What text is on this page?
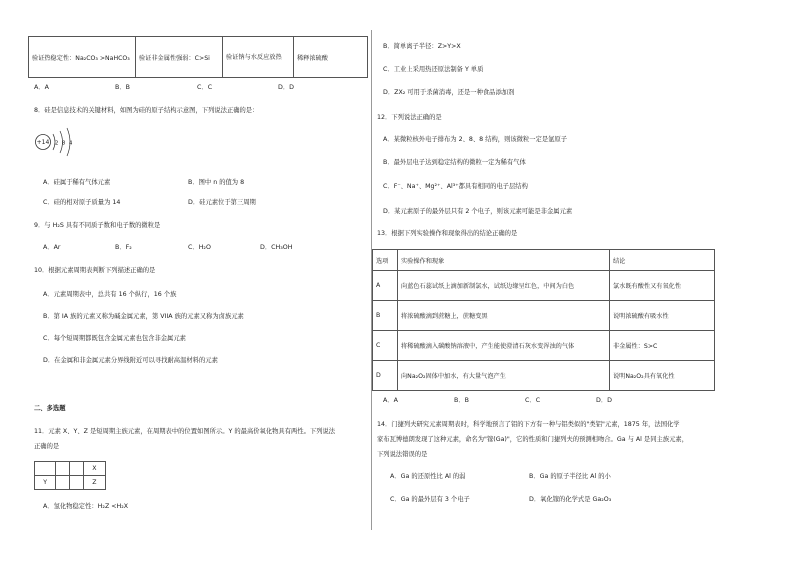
验证热稳定性：Na₂CO₃ >NaHCO₃	验证非金属性强弱：C>Si	验证钠与水反应放热	稀释浓硫酸
A．A	B．B	C．C	D．D
8．硅是信息技术的关键材料，如图为硅的原子结构示意图，下列说法正确的是：
+14 2 8 4
A．硅属于稀有气体元素	B．图中 n 的值为 8
C．硅的相对原子质量为 14	D．硅元素位于第三周期
9．与 H₂S 具有不同质子数和电子数的微粒是
A．Ar	B．F₂	C．H₂O	D．CH₃OH
10．根据元素周期表判断下列描述正确的是
A．元素周期表中，总共有 16 个纵行，16 个族
B．第 IA 族的元素又称为碱金属元素，第 VIIA 族的元素又称为卤族元素
C．每个短周期都既包含金属元素也包含非金属元素
D．在金属和非金属元素分界线附近可以寻找耐高温材料的元素
二、多选题
11．元素 X、Y、Z 是短周期主族元素，在周期表中的位置如图所示。Y 的最高价氧化物具有两性。下列说法
正确的是
			X
Y			Z
A．氢化物稳定性：H₂Z <H₂X
B．简单离子半径：Z>Y>X
C．工业上采用热还原法制备 Y 单质
D．ZX₂ 可用于杀菌消毒，还是一种食品添加剂
12．下列说法正确的是
A．某微粒核外电子排布为 2、8、8 结构，则该微粒一定是氩原子
B．最外层电子达到稳定结构的微粒一定为稀有气体
C．F⁻、Na⁺、Mg²⁺、Al³⁺都具有相同的电子层结构
D．某元素原子的最外层只有 2 个电子，则该元素可能是非金属元素
13．根据下列实验操作和现象得出的结论正确的是
选项	实验操作和现象	结论
A	向蓝色石蕊试纸上滴加新制氯水，试纸边缘呈红色，中间为白色	氯水既有酸性又有氧化性
B	将浓硫酸滴到蔗糖上，蔗糖变黑	说明浓硫酸有吸水性
C	将稀硫酸滴入碳酸钠溶液中，产生能使澄清石灰水变浑浊的气体	非金属性：S>C
D	向Na₂O₂固体中加水，有大量气泡产生	说明Na₂O₂具有氧化性
A．A	B．B	C．C	D．D
14．门捷列夫研究元素周期表时，科学地预言了铝的下方有一种与铝类似的"类铝"元素，1875 年，法国化学
家布瓦博德朗发现了这种元素，命名为"镓(Ga)"，它的性质和门捷列夫的预测相吻合。Ga 与 Al 是同主族元素，
下列说法错误的是
A．Ga 的还原性比 Al 的弱	B．Ga 的原子半径比 Al 的小
C．Ga 的最外层有 3 个电子	D．氧化镓的化学式是 Ga₂O₃
